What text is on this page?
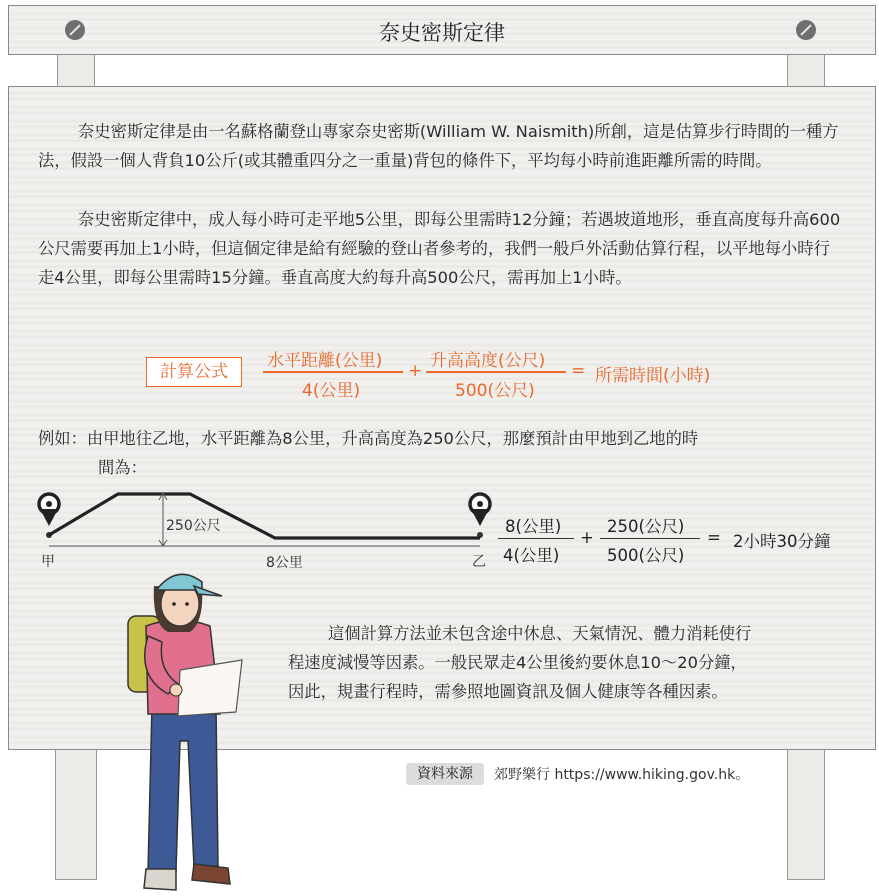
奈史密斯定律

奈史密斯定律是由一名蘇格蘭登山專家奈史密斯(William W. Naismith)所創，這是估算步行時間的一種方法，假設一個人背負10公斤(或其體重四分之一重量)背包的條件下，平均每小時前進距離所需的時間。

奈史密斯定律中，成人每小時可走平地5公里，即每公里需時12分鐘；若遇坡道地形，垂直高度每升高600公尺需要再加上1小時，但這個定律是給有經驗的登山者參考的，我們一般戶外活動估算行程，以平地每小時行走4公里，即每公里需時15分鐘。垂直高度大約每升高500公尺，需再加上1小時。

計算公式
水平距離(公里)
4(公里)
+ 升高高度(公尺)
500(公尺)
= 所需時間(小時)
例如：由甲地往乙地，水平距離為8公里，升高高度為250公尺，那麼預計由甲地到乙地的時
間為：
250公尺
8公里
甲	乙
8(公里)
4(公里)
+
250(公尺)
500(公尺)
= 2小時30分鐘
這個計算方法並未包含途中休息、天氣情況、體力消耗使行
程速度減慢等因素。一般民眾走4公里後約要休息10～20分鐘，
因此，規畫行程時，需參照地圖資訊及個人健康等各種因素。
資料來源	郊野樂行 https://www.hiking.gov.hk。
